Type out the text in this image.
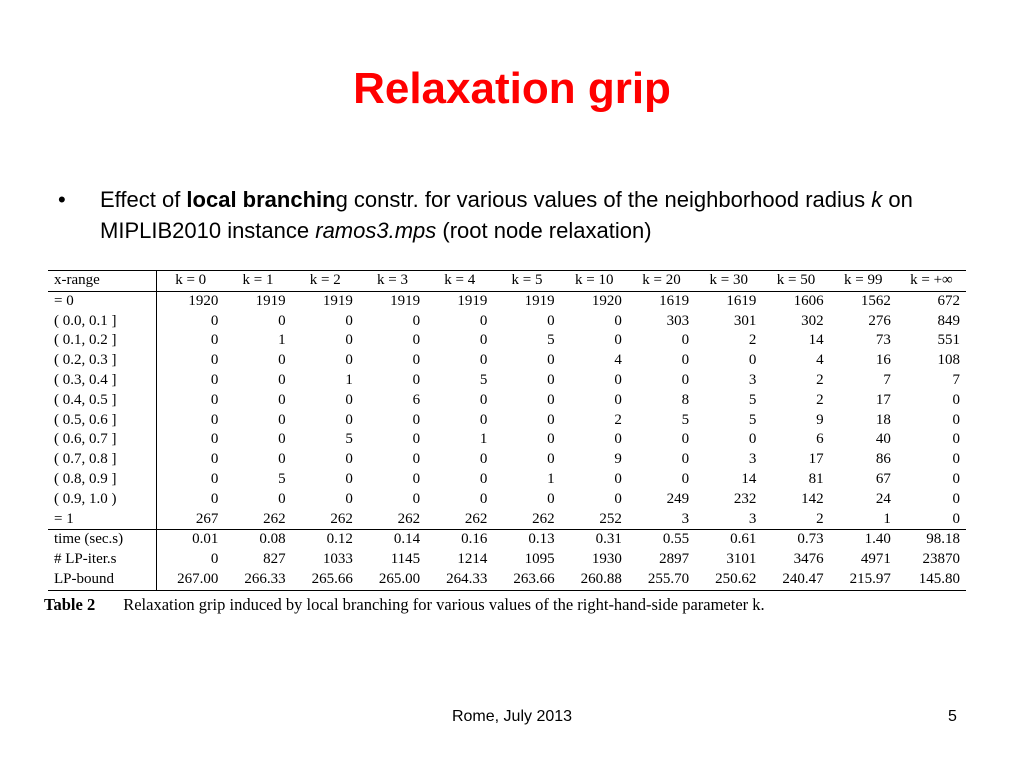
Relaxation grip
• Effect of local branching constr. for various values of the neighborhood radius k on MIPLIB2010 instance ramos3.mps (root node relaxation)
x-range	k = 0	k = 1	k = 2	k = 3	k = 4	k = 5	k = 10	k = 20	k = 30	k = 50	k = 99	k = +∞
= 0	1920	1919	1919	1919	1919	1919	1920	1619	1619	1606	1562	672
( 0.0, 0.1 ]	0	0	0	0	0	0	0	303	301	302	276	849
( 0.1, 0.2 ]	0	1	0	0	0	5	0	0	2	14	73	551
( 0.2, 0.3 ]	0	0	0	0	0	0	4	0	0	4	16	108
( 0.3, 0.4 ]	0	0	1	0	5	0	0	0	3	2	7	7
( 0.4, 0.5 ]	0	0	0	6	0	0	0	8	5	2	17	0
( 0.5, 0.6 ]	0	0	0	0	0	0	2	5	5	9	18	0
( 0.6, 0.7 ]	0	0	5	0	1	0	0	0	0	6	40	0
( 0.7, 0.8 ]	0	0	0	0	0	0	9	0	3	17	86	0
( 0.8, 0.9 ]	0	5	0	0	0	1	0	0	14	81	67	0
( 0.9, 1.0 )	0	0	0	0	0	0	0	249	232	142	24	0
= 1	267	262	262	262	262	262	252	3	3	2	1	0
time (sec.s)	0.01	0.08	0.12	0.14	0.16	0.13	0.31	0.55	0.61	0.73	1.40	98.18
# LP-iter.s	0	827	1033	1145	1214	1095	1930	2897	3101	3476	4971	23870
LP-bound	267.00	266.33	265.66	265.00	264.33	263.66	260.88	255.70	250.62	240.47	215.97	145.80
Table 2 Relaxation grip induced by local branching for various values of the right-hand-side parameter k.
Rome, July 2013	5
